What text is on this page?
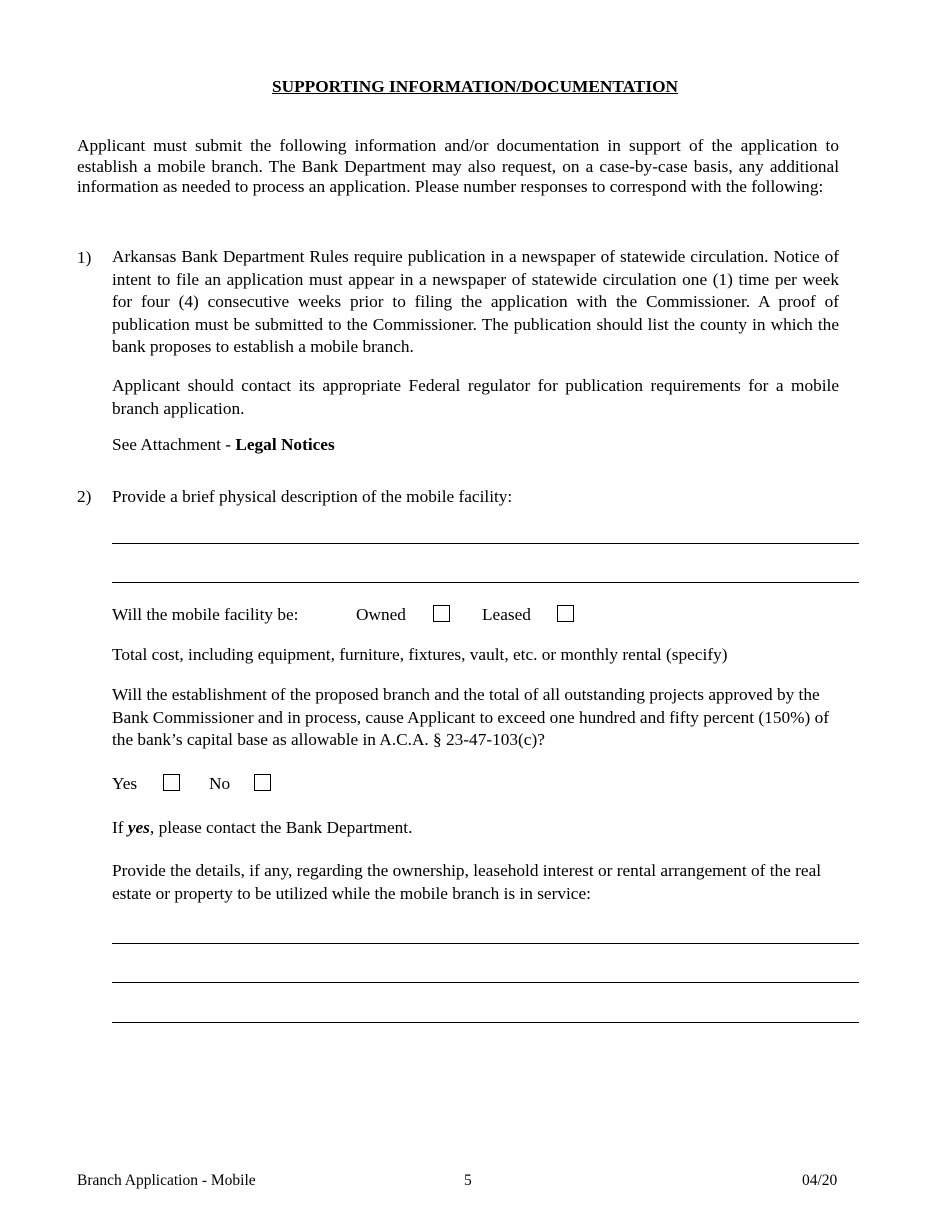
SUPPORTING INFORMATION/DOCUMENTATION
Applicant must submit the following information and/or documentation in support of the application to establish a mobile branch. The Bank Department may also request, on a case-by-case basis, any additional information as needed to process an application. Please number responses to correspond with the following:
1) Arkansas Bank Department Rules require publication in a newspaper of statewide circulation. Notice of intent to file an application must appear in a newspaper of statewide circulation one (1) time per week for four (4) consecutive weeks prior to filing the application with the Commissioner. A proof of publication must be submitted to the Commissioner. The publication should list the county in which the bank proposes to establish a mobile branch.
Applicant should contact its appropriate Federal regulator for publication requirements for a mobile branch application.
See Attachment - Legal Notices
2) Provide a brief physical description of the mobile facility:
Will the mobile facility be:	Owned	Leased
Total cost, including equipment, furniture, fixtures, vault, etc. or monthly rental (specify)
Will the establishment of the proposed branch and the total of all outstanding projects approved by the Bank Commissioner and in process, cause Applicant to exceed one hundred and fifty percent (150%) of the bank’s capital base as allowable in A.C.A. § 23-47-103(c)?
Yes	No
If yes, please contact the Bank Department.
Provide the details, if any, regarding the ownership, leasehold interest or rental arrangement of the real estate or property to be utilized while the mobile branch is in service:
Branch Application - Mobile	5	04/20
